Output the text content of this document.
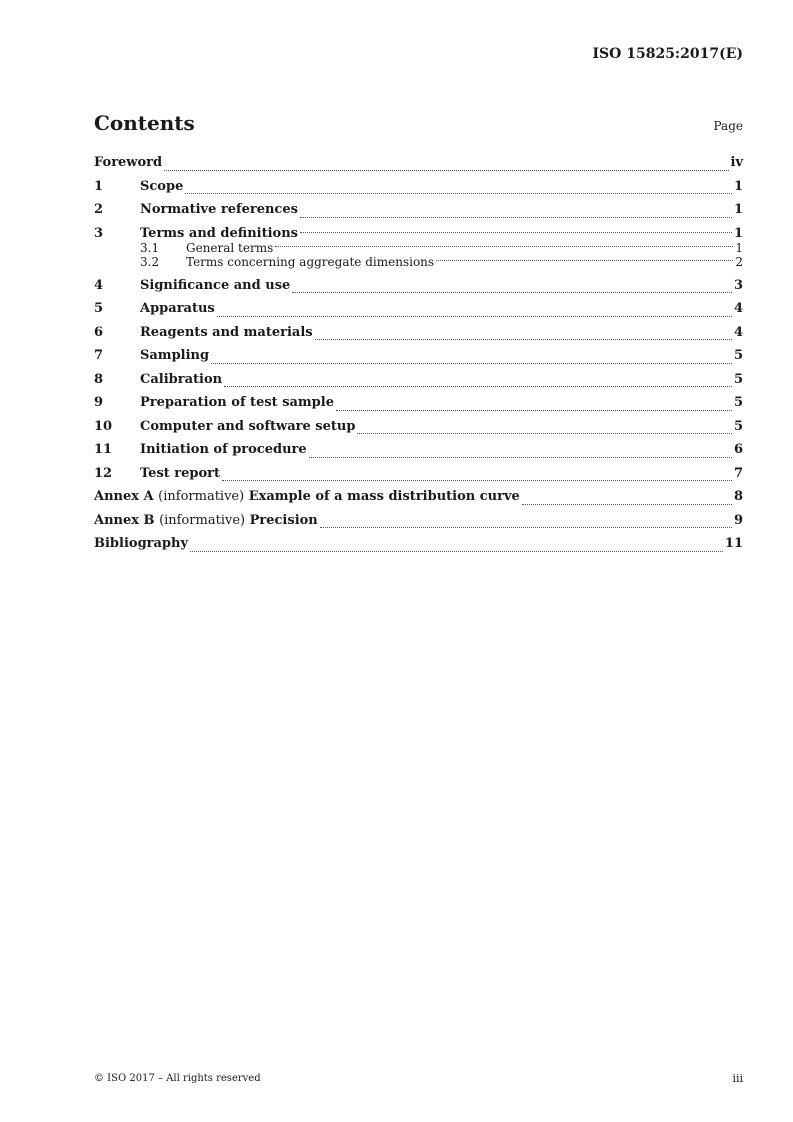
ISO 15825:2017(E)
Contents	Page
Foreword	iv
1	Scope	1
2	Normative references	1
3	Terms and definitions	1
3.1	General terms	1
3.2	Terms concerning aggregate dimensions	2
4	Significance and use	3
5	Apparatus	4
6	Reagents and materials	4
7	Sampling	5
8	Calibration	5
9	Preparation of test sample	5
10	Computer and software setup	5
11	Initiation of procedure	6
12	Test report	7
Annex A (informative) Example of a mass distribution curve	8
Annex B (informative) Precision	9
Bibliography	11
© ISO 2017 – All rights reserved	iii
